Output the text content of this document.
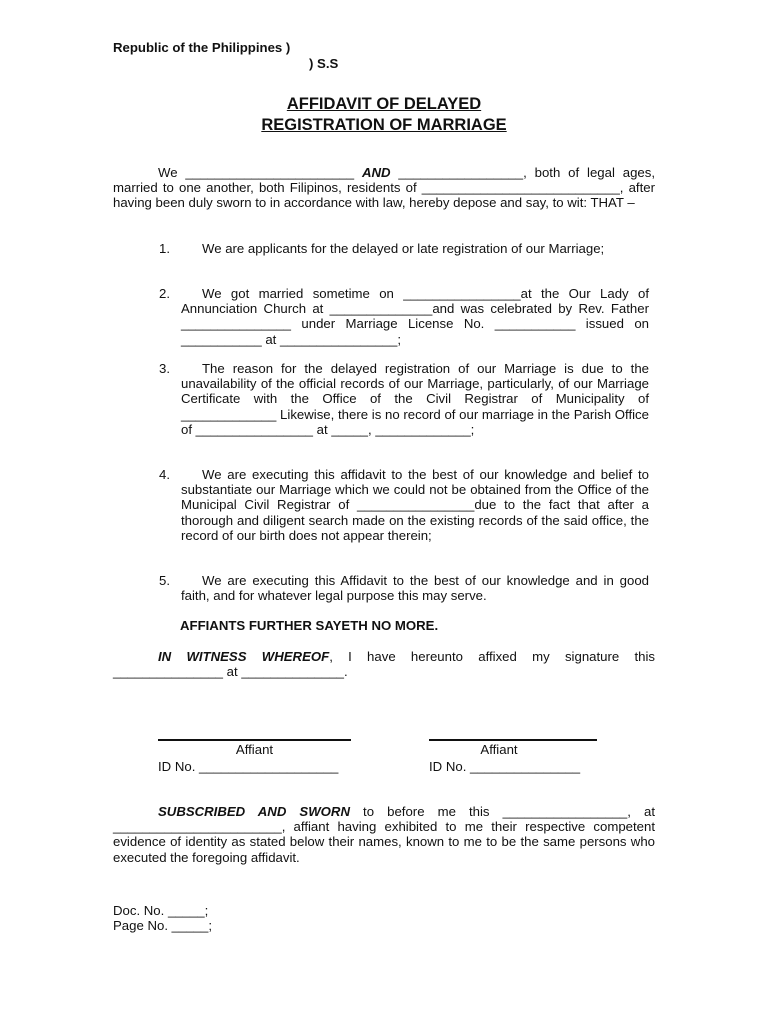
Republic of the Philippines )
) S.S
AFFIDAVIT OF DELAYED
REGISTRATION OF MARRIAGE
We _______________________ AND _________________, both of legal ages, married to one another, both Filipinos, residents of ___________________________, after having been duly sworn to in accordance with law, hereby depose and say, to wit: THAT –
1.	We are applicants for the delayed or late registration of our Marriage;
2.	We got married sometime on ________________at the Our Lady of Annunciation Church at ______________and was celebrated by Rev. Father _______________ under Marriage License No. ___________ issued on ___________ at ________________;
3.	The reason for the delayed registration of our Marriage is due to the unavailability of the official records of our Marriage, particularly, of our Marriage Certificate with the Office of the Civil Registrar of Municipality of _____________ Likewise, there is no record of our marriage in the Parish Office of ________________ at _____, _____________;
4.	We are executing this affidavit to the best of our knowledge and belief to substantiate our Marriage which we could not be obtained from the Office of the Municipal Civil Registrar of ________________due to the fact that after a thorough and diligent search made on the existing records of the said office, the record of our birth does not appear therein;
5.	We are executing this Affidavit to the best of our knowledge and in good faith, and for whatever legal purpose this may serve.
AFFIANTS FURTHER SAYETH NO MORE.
IN WITNESS WHEREOF, I have hereunto affixed my signature this _______________ at ______________.
Affiant	Affiant
ID No. ___________________	ID No. _______________
SUBSCRIBED AND SWORN to before me this _________________, at _______________________, affiant having exhibited to me their respective competent evidence of identity as stated below their names, known to me to be the same persons who executed the foregoing affidavit.
Doc. No. _____;
Page No. _____;
